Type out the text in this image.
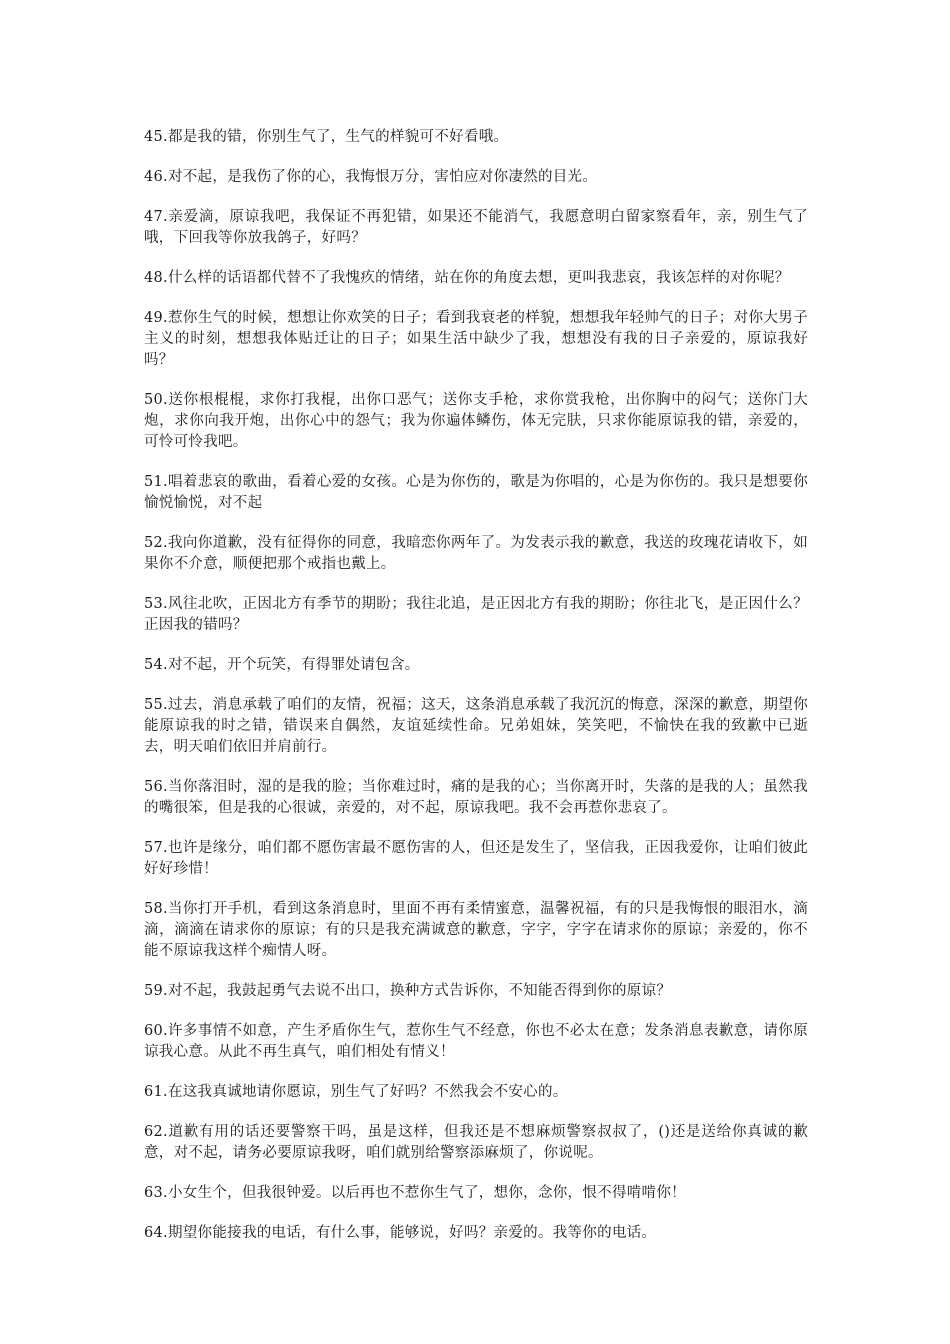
45.都是我的错，你别生气了，生气的样貌可不好看哦。

46.对不起，是我伤了你的心，我悔恨万分，害怕应对你凄然的目光。

47.亲爱滴，原谅我吧，我保证不再犯错，如果还不能消气，我愿意明白留家察看年，亲，别生气了哦，下回我等你放我鸽子，好吗？

48.什么样的话语都代替不了我愧疚的情绪，站在你的角度去想，更叫我悲哀，我该怎样的对你呢？

49.惹你生气的时候，想想让你欢笑的日子；看到我衰老的样貌，想想我年轻帅气的日子；对你大男子主义的时刻，想想我体贴迁让的日子；如果生活中缺少了我，想想没有我的日子亲爱的，原谅我好吗？

50.送你根棍棍，求你打我棍，出你口恶气；送你支手枪，求你赏我枪，出你胸中的闷气；送你门大炮，求你向我开炮，出你心中的怨气；我为你遍体鳞伤，体无完肤，只求你能原谅我的错，亲爱的，可怜可怜我吧。

51.唱着悲哀的歌曲，看着心爱的女孩。心是为你伤的，歌是为你唱的，心是为你伤的。我只是想要你愉悦愉悦，对不起

52.我向你道歉，没有征得你的同意，我暗恋你两年了。为发表示我的歉意，我送的玫瑰花请收下，如果你不介意，顺便把那个戒指也戴上。

53.风往北吹，正因北方有季节的期盼；我往北追，是正因北方有我的期盼；你往北飞，是正因什么？正因我的错吗？

54.对不起，开个玩笑，有得罪处请包含。

55.过去，消息承载了咱们的友情，祝福；这天，这条消息承载了我沉沉的悔意，深深的歉意，期望你能原谅我的时之错，错误来自偶然，友谊延续性命。兄弟姐妹，笑笑吧，不愉快在我的致歉中已逝去，明天咱们依旧并肩前行。

56.当你落泪时，湿的是我的脸；当你难过时，痛的是我的心；当你离开时，失落的是我的人；虽然我的嘴很笨，但是我的心很诚，亲爱的，对不起，原谅我吧。我不会再惹你悲哀了。

57.也许是缘分，咱们都不愿伤害最不愿伤害的人，但还是发生了，坚信我，正因我爱你，让咱们彼此好好珍惜！

58.当你打开手机，看到这条消息时，里面不再有柔情蜜意，温馨祝福，有的只是我悔恨的眼泪水，滴滴，滴滴在请求你的原谅；有的只是我充满诚意的歉意，字字，字字在请求你的原谅；亲爱的，你不能不原谅我这样个痴情人呀。

59.对不起，我鼓起勇气去说不出口，换种方式告诉你，不知能否得到你的原谅？

60.许多事情不如意，产生矛盾你生气，惹你生气不经意，你也不必太在意；发条消息表歉意，请你原谅我心意。从此不再生真气，咱们相处有情义！

61.在这我真诚地请你愿谅，别生气了好吗？不然我会不安心的。

62.道歉有用的话还要警察干吗，虽是这样，但我还是不想麻烦警察叔叔了，()还是送给你真诚的歉意，对不起，请务必要原谅我呀，咱们就别给警察添麻烦了，你说呢。

63.小女生个，但我很钟爱。以后再也不惹你生气了，想你，念你，恨不得啃啃你！

64.期望你能接我的电话，有什么事，能够说，好吗？亲爱的。我等你的电话。
